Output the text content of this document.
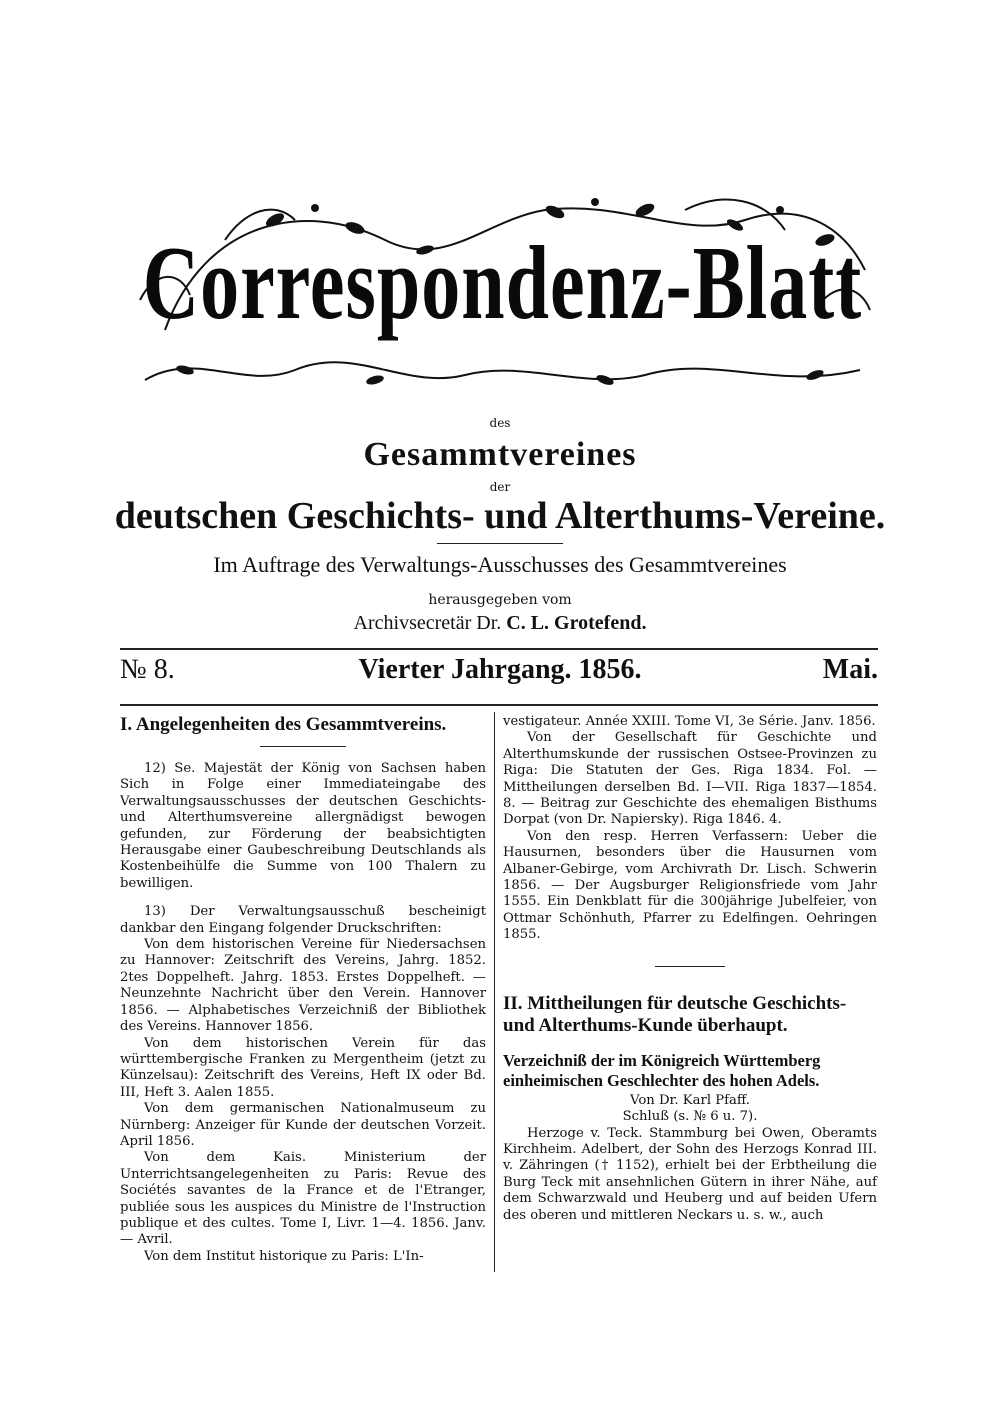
Correspondenz-Blatt
des
Gesammtvereines
der
deutschen Geschichts- und Alterthums-Vereine.
Im Auftrage des Verwaltungs-Ausschusses des Gesammtvereines
herausgegeben vom
Archivsecretär Dr. C. L. Grotefend.
№ 8.	Vierter Jahrgang. 1856.	Mai.
I. Angelegenheiten des Gesammtvereins.

12) Se. Majestät der König von Sachsen haben Sich in Folge einer Immediateingabe des Verwaltungsausschusses der deutschen Geschichts- und Alterthumsvereine allergnädigst bewogen gefunden, zur Förderung der beabsichtigten Herausgabe einer Gaubeschreibung Deutschlands als Kostenbeihülfe die Summe von 100 Thalern zu bewilligen.

13) Der Verwaltungsausschuß bescheinigt dankbar den Eingang folgender Druckschriften:

Von dem historischen Vereine für Niedersachsen zu Hannover: Zeitschrift des Vereins, Jahrg. 1852. 2tes Doppelheft. Jahrg. 1853. Erstes Doppelheft. — Neunzehnte Nachricht über den Verein. Hannover 1856. — Alphabetisches Verzeichniß der Bibliothek des Vereins. Hannover 1856.

Von dem historischen Verein für das württembergische Franken zu Mergentheim (jetzt zu Künzelsau): Zeitschrift des Vereins, Heft IX oder Bd. III, Heft 3. Aalen 1855.

Von dem germanischen Nationalmuseum zu Nürnberg: Anzeiger für Kunde der deutschen Vorzeit. April 1856.

Von dem Kais. Ministerium der Unterrichtsangelegenheiten zu Paris: Revue des Sociétés savantes de la France et de l'Etranger, publiée sous les auspices du Ministre de l'Instruction publique et des cultes. Tome I, Livr. 1—4. 1856. Janv. — Avril.

Von dem Institut historique zu Paris: L'In-

vestigateur. Année XXIII. Tome VI, 3e Série. Janv. 1856.

Von der Gesellschaft für Geschichte und Alterthumskunde der russischen Ostsee-Provinzen zu Riga: Die Statuten der Ges. Riga 1834. Fol. — Mittheilungen derselben Bd. I—VII. Riga 1837—1854. 8. — Beitrag zur Geschichte des ehemaligen Bisthums Dorpat (von Dr. Napiersky). Riga 1846. 4.

Von den resp. Herren Verfassern: Ueber die Hausurnen, besonders über die Hausurnen vom Albaner-Gebirge, vom Archivrath Dr. Lisch. Schwerin 1856. — Der Augsburger Religionsfriede vom Jahr 1555. Ein Denkblatt für die 300jährige Jubelfeier, von Ottmar Schönhuth, Pfarrer zu Edelfingen. Oehringen 1855.

II. Mittheilungen für deutsche Geschichts- und Alterthums-Kunde überhaupt.
Verzeichniß der im Königreich Württemberg einheimischen Geschlechter des hohen Adels.

Von Dr. Karl Pfaff.

Schluß (s. № 6 u. 7).

Herzoge v. Teck. Stammburg bei Owen, Oberamts Kirchheim. Adelbert, der Sohn des Herzogs Konrad III. v. Zähringen († 1152), erhielt bei der Erbtheilung die Burg Teck mit ansehnlichen Gütern in ihrer Nähe, auf dem Schwarzwald und Heuberg und auf beiden Ufern des oberen und mittleren Neckars u. s. w., auch
